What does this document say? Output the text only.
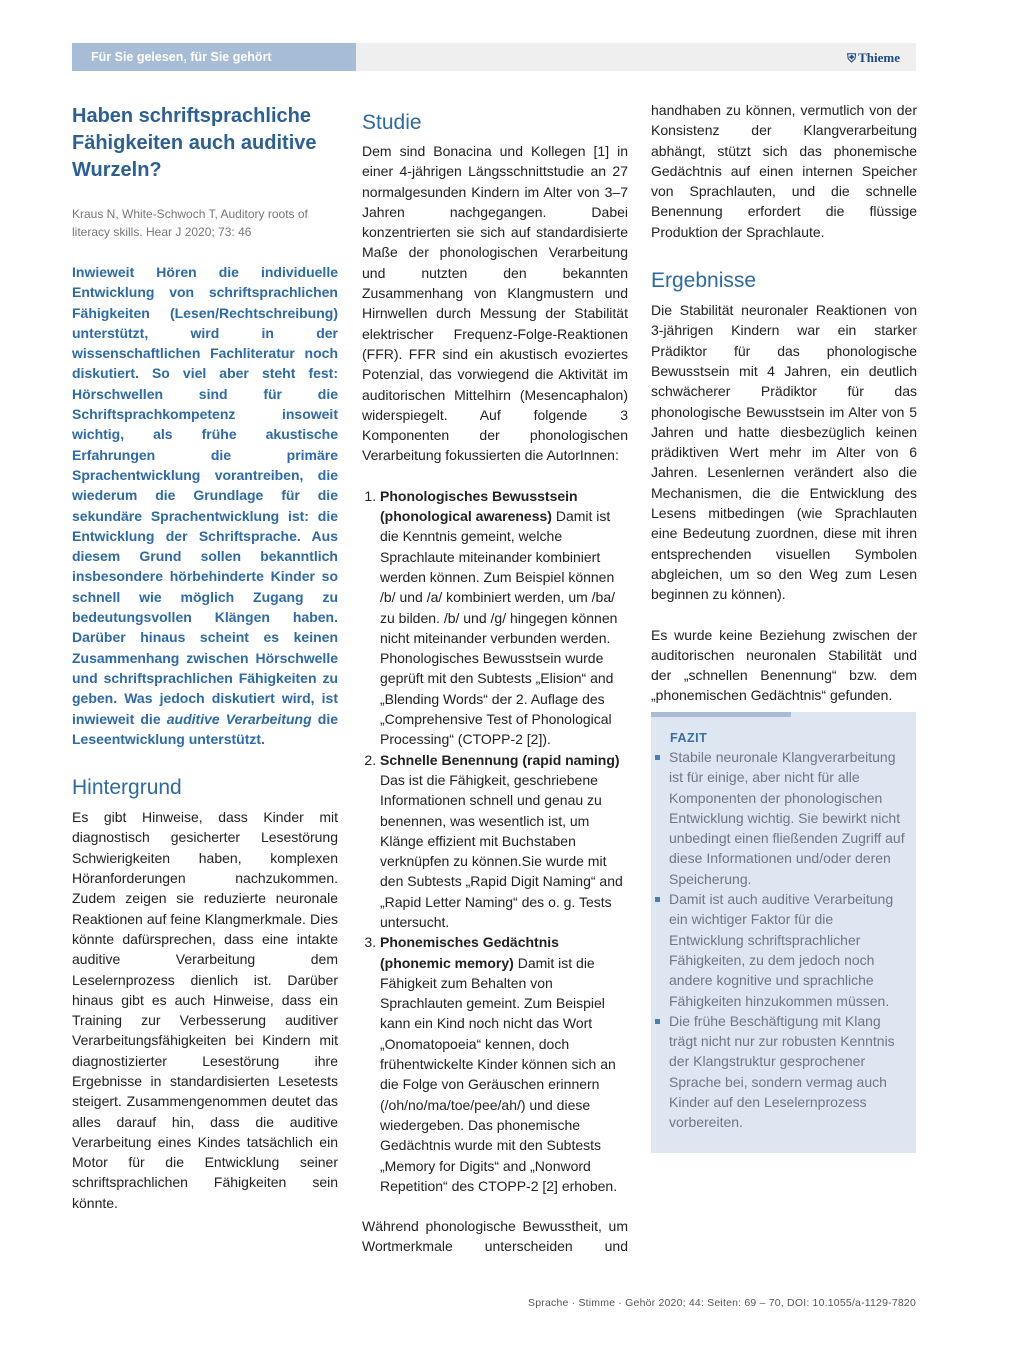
Für Sie gelesen, für Sie gehört	⛨ Thieme
Haben schriftsprachliche Fähigkeiten auch auditive Wurzeln?

Kraus N, White-Schwoch T, Auditory roots of literacy skills. Hear J 2020; 73: 46

Inwieweit Hören die individuelle Entwicklung von schriftsprachlichen Fähigkeiten (Lesen/Rechtschreibung) unterstützt, wird in der wissenschaftlichen Fachliteratur noch diskutiert. So viel aber steht fest: Hörschwellen sind für die Schriftsprachkompetenz insoweit wichtig, als frühe akustische Erfahrungen die primäre Sprachentwicklung vorantreiben, die wiederum die Grundlage für die sekundäre Sprachentwicklung ist: die Entwicklung der Schriftsprache. Aus diesem Grund sollen bekanntlich insbesondere hörbehinderte Kinder so schnell wie möglich Zugang zu bedeutungsvollen Klängen haben. Darüber hinaus scheint es keinen Zusammenhang zwischen Hörschwelle und schriftsprachlichen Fähigkeiten zu geben. Was jedoch diskutiert wird, ist inwieweit die auditive Verarbeitung die Leseentwicklung unterstützt.

Hintergrund

Es gibt Hinweise, dass Kinder mit diagnostisch gesicherter Lesestörung Schwierigkeiten haben, komplexen Höranforderungen nachzukommen. Zudem zeigen sie reduzierte neuronale Reaktionen auf feine Klangmerkmale. Dies könnte dafürsprechen, dass eine intakte auditive Verarbeitung dem Leselernprozess dienlich ist. Darüber hinaus gibt es auch Hinweise, dass ein Training zur Verbesserung auditiver Verarbeitungsfähigkeiten bei Kindern mit diagnostizierter Lesestörung ihre Ergebnisse in standardisierten Lesetests steigert. Zusammengenommen deutet das alles darauf hin, dass die auditive Verarbeitung eines Kindes tatsächlich ein Motor für die Entwicklung seiner schriftsprachlichen Fähigkeiten sein könnte.

Studie

Dem sind Bonacina und Kollegen [1] in einer 4-jährigen Längsschnittstudie an 27 normalgesunden Kindern im Alter von 3–7 Jahren nachgegangen. Dabei konzentrierten sie sich auf standardisierte Maße der phonologischen Verarbeitung und nutzten den bekannten Zusammenhang von Klangmustern und Hirnwellen durch Messung der Stabilität elektrischer Frequenz-Folge-Reaktionen (FFR). FFR sind ein akustisch evoziertes Potenzial, das vorwiegend die Aktivität im auditorischen Mittelhirn (Mesencaphalon) widerspiegelt. Auf folgende 3 Komponenten der phonologischen Verarbeitung fokussierten die AutorInnen:

1. Phonologisches Bewusstsein (phonological awareness) Damit ist die Kenntnis gemeint, welche Sprachlaute miteinander kombiniert werden können. Zum Beispiel können /b/ und /a/ kombiniert werden, um /ba/ zu bilden. /b/ und /g/ hingegen können nicht miteinander verbunden werden. Phonologisches Bewusstsein wurde geprüft mit den Subtests „Elision“ and „Blending Words“ der 2. Auflage des „Comprehensive Test of Phonological Processing“ (CTOPP-2 [2]).
2. Schnelle Benennung (rapid naming) Das ist die Fähigkeit, geschriebene Informationen schnell und genau zu benennen, was wesentlich ist, um Klänge effizient mit Buchstaben verknüpfen zu können.Sie wurde mit den Subtests „Rapid Digit Naming“ and „Rapid Letter Naming“ des o. g. Tests untersucht.
3. Phonemisches Gedächtnis (phonemic memory) Damit ist die Fähigkeit zum Behalten von Sprachlauten gemeint. Zum Beispiel kann ein Kind noch nicht das Wort „Onomatopoeia“ kennen, doch frühentwickelte Kinder können sich an die Folge von Geräuschen erinnern (/oh/no/ma/toe/pee/ah/) und diese wiedergeben. Das phonemische Gedächtnis wurde mit den Subtests „Memory for Digits“ and „Nonword Repetition“ des CTOPP-2 [2] erhoben.

Während phonologische Bewusstheit, um Wortmerkmale unterscheiden und

handhaben zu können, vermutlich von der Konsistenz der Klangverarbeitung abhängt, stützt sich das phonemische Gedächtnis auf einen internen Speicher von Sprachlauten, und die schnelle Benennung erfordert die flüssige Produktion der Sprachlaute.

Ergebnisse

Die Stabilität neuronaler Reaktionen von 3-jährigen Kindern war ein starker Prädiktor für das phonologische Bewusstsein mit 4 Jahren, ein deutlich schwächerer Prädiktor für das phonologische Bewusstsein im Alter von 5 Jahren und hatte diesbezüglich keinen prädiktiven Wert mehr im Alter von 6 Jahren. Lesenlernen verändert also die Mechanismen, die die Entwicklung des Lesens mitbedingen (wie Sprachlauten eine Bedeutung zuordnen, diese mit ihren entsprechenden visuellen Symbolen abgleichen, um so den Weg zum Lesen beginnen zu können).

Es wurde keine Beziehung zwischen der auditorischen neuronalen Stabilität und der „schnellen Benennung“ bzw. dem „phonemischen Gedächtnis“ gefunden.

FAZIT
Stabile neuronale Klangverarbeitung ist für einige, aber nicht für alle Komponenten der phonologischen Entwicklung wichtig. Sie bewirkt nicht unbedingt einen fließenden Zugriff auf diese Informationen und/oder deren Speicherung.
Damit ist auch auditive Verarbeitung ein wichtiger Faktor für die Entwicklung schriftsprachlicher Fähigkeiten, zu dem jedoch noch andere kognitive und sprachliche Fähigkeiten hinzukommen müssen.
Die frühe Beschäftigung mit Klang trägt nicht nur zur robusten Kenntnis der Klangstruktur gesprochener Sprache bei, sondern vermag auch Kinder auf den Leselernprozess vorbereiten.
Sprache · Stimme · Gehör 2020; 44: Seiten: 69 – 70, DOI: 10.1055/a-1129-7820
